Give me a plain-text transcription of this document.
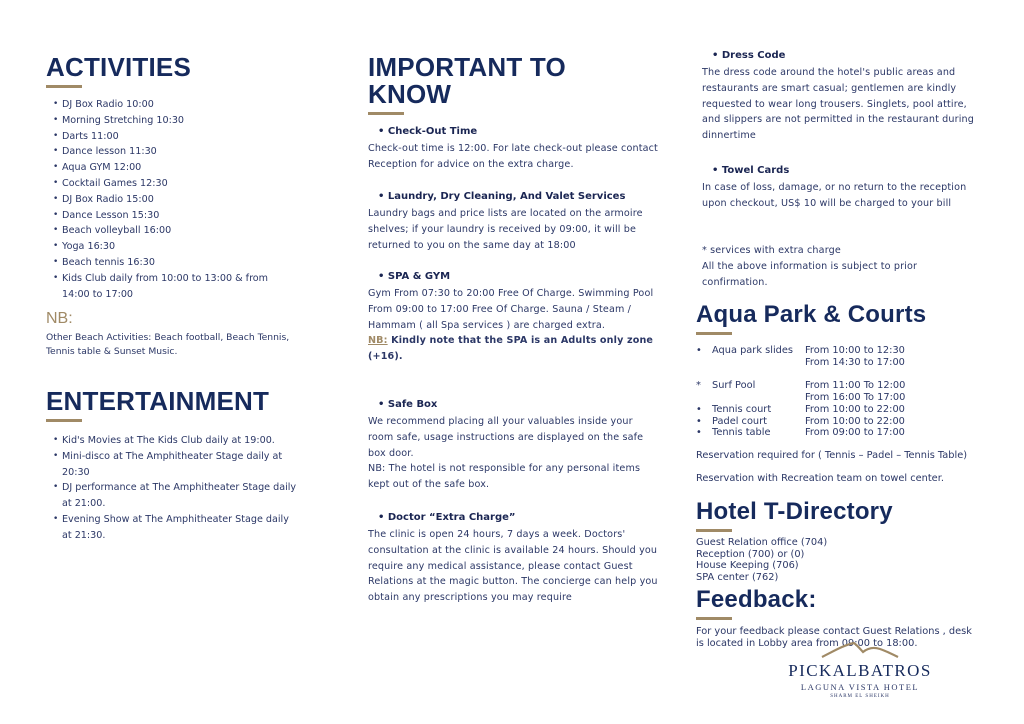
ACTIVITIES
• DJ Box Radio 10:00
• Morning Stretching 10:30
• Darts 11:00
• Dance lesson 11:30
• Aqua GYM 12:00
• Cocktail Games 12:30
• DJ Box Radio 15:00
• Dance Lesson 15:30
• Beach volleyball 16:00
• Yoga 16:30
• Beach tennis 16:30
• Kids Club daily from 10:00 to 13:00 & from 14:00 to 17:00
NB:
Other Beach Activities: Beach football, Beach Tennis, Tennis table & Sunset Music.
ENTERTAINMENT
• Kid's Movies at The Kids Club daily at 19:00.
• Mini-disco at The Amphitheater Stage daily at 20:30
• DJ performance at The Amphitheater Stage daily at 21:00.
• Evening Show at The Amphitheater Stage daily at 21:30.
IMPORTANT TO
KNOW
• Check-Out Time
Check-out time is 12:00. For late check-out please contact Reception for advice on the extra charge.
• Laundry, Dry Cleaning, And Valet Services
Laundry bags and price lists are located on the armoire shelves; if your laundry is received by 09:00, it will be returned to you on the same day at 18:00
• SPA & GYM
Gym From 07:30 to 20:00 Free Of Charge. Swimming Pool From 09:00 to 17:00 Free Of Charge. Sauna / Steam / Hammam ( all Spa services ) are charged extra.
NB: Kindly note that the SPA is an Adults only zone (+16).
• Safe Box
We recommend placing all your valuables inside your room safe, usage instructions are displayed on the safe box door.
NB: The hotel is not responsible for any personal items kept out of the safe box.
• Doctor “Extra Charge”
The clinic is open 24 hours, 7 days a week. Doctors' consultation at the clinic is available 24 hours. Should you require any medical assistance, please contact Guest Relations at the magic button. The concierge can help you obtain any prescriptions you may require
• Dress Code
The dress code around the hotel's public areas and restaurants are smart casual; gentlemen are kindly requested to wear long trousers. Singlets, pool attire, and slippers are not permitted in the restaurant during dinnertime
• Towel Cards
In case of loss, damage, or no return to the reception upon checkout, US$ 10 will be charged to your bill
* services with extra charge
All the above information is subject to prior confirmation.
Aqua Park & Courts
•	Aqua park slides	From 10:00 to 12:30
From 14:30 to 17:00

*	Surf Pool	From 11:00 To 12:00
From 16:00 To 17:00

•	Tennis court	From 10:00 to 22:00
•	Padel court	From 10:00 to 22:00
•	Tennis table	From 09:00 to 17:00
Reservation required for ( Tennis – Padel – Tennis Table)
Reservation with Recreation team on towel center.
Hotel T-Directory
Guest Relation office (704)
Reception (700) or (0)
House Keeping (706)
SPA center (762)
Feedback:
For your feedback please contact Guest Relations , desk is located in Lobby area from 09:00 to 18:00.
PICKALBATROS
LAGUNA VISTA HOTEL
SHARM EL SHEIKH
